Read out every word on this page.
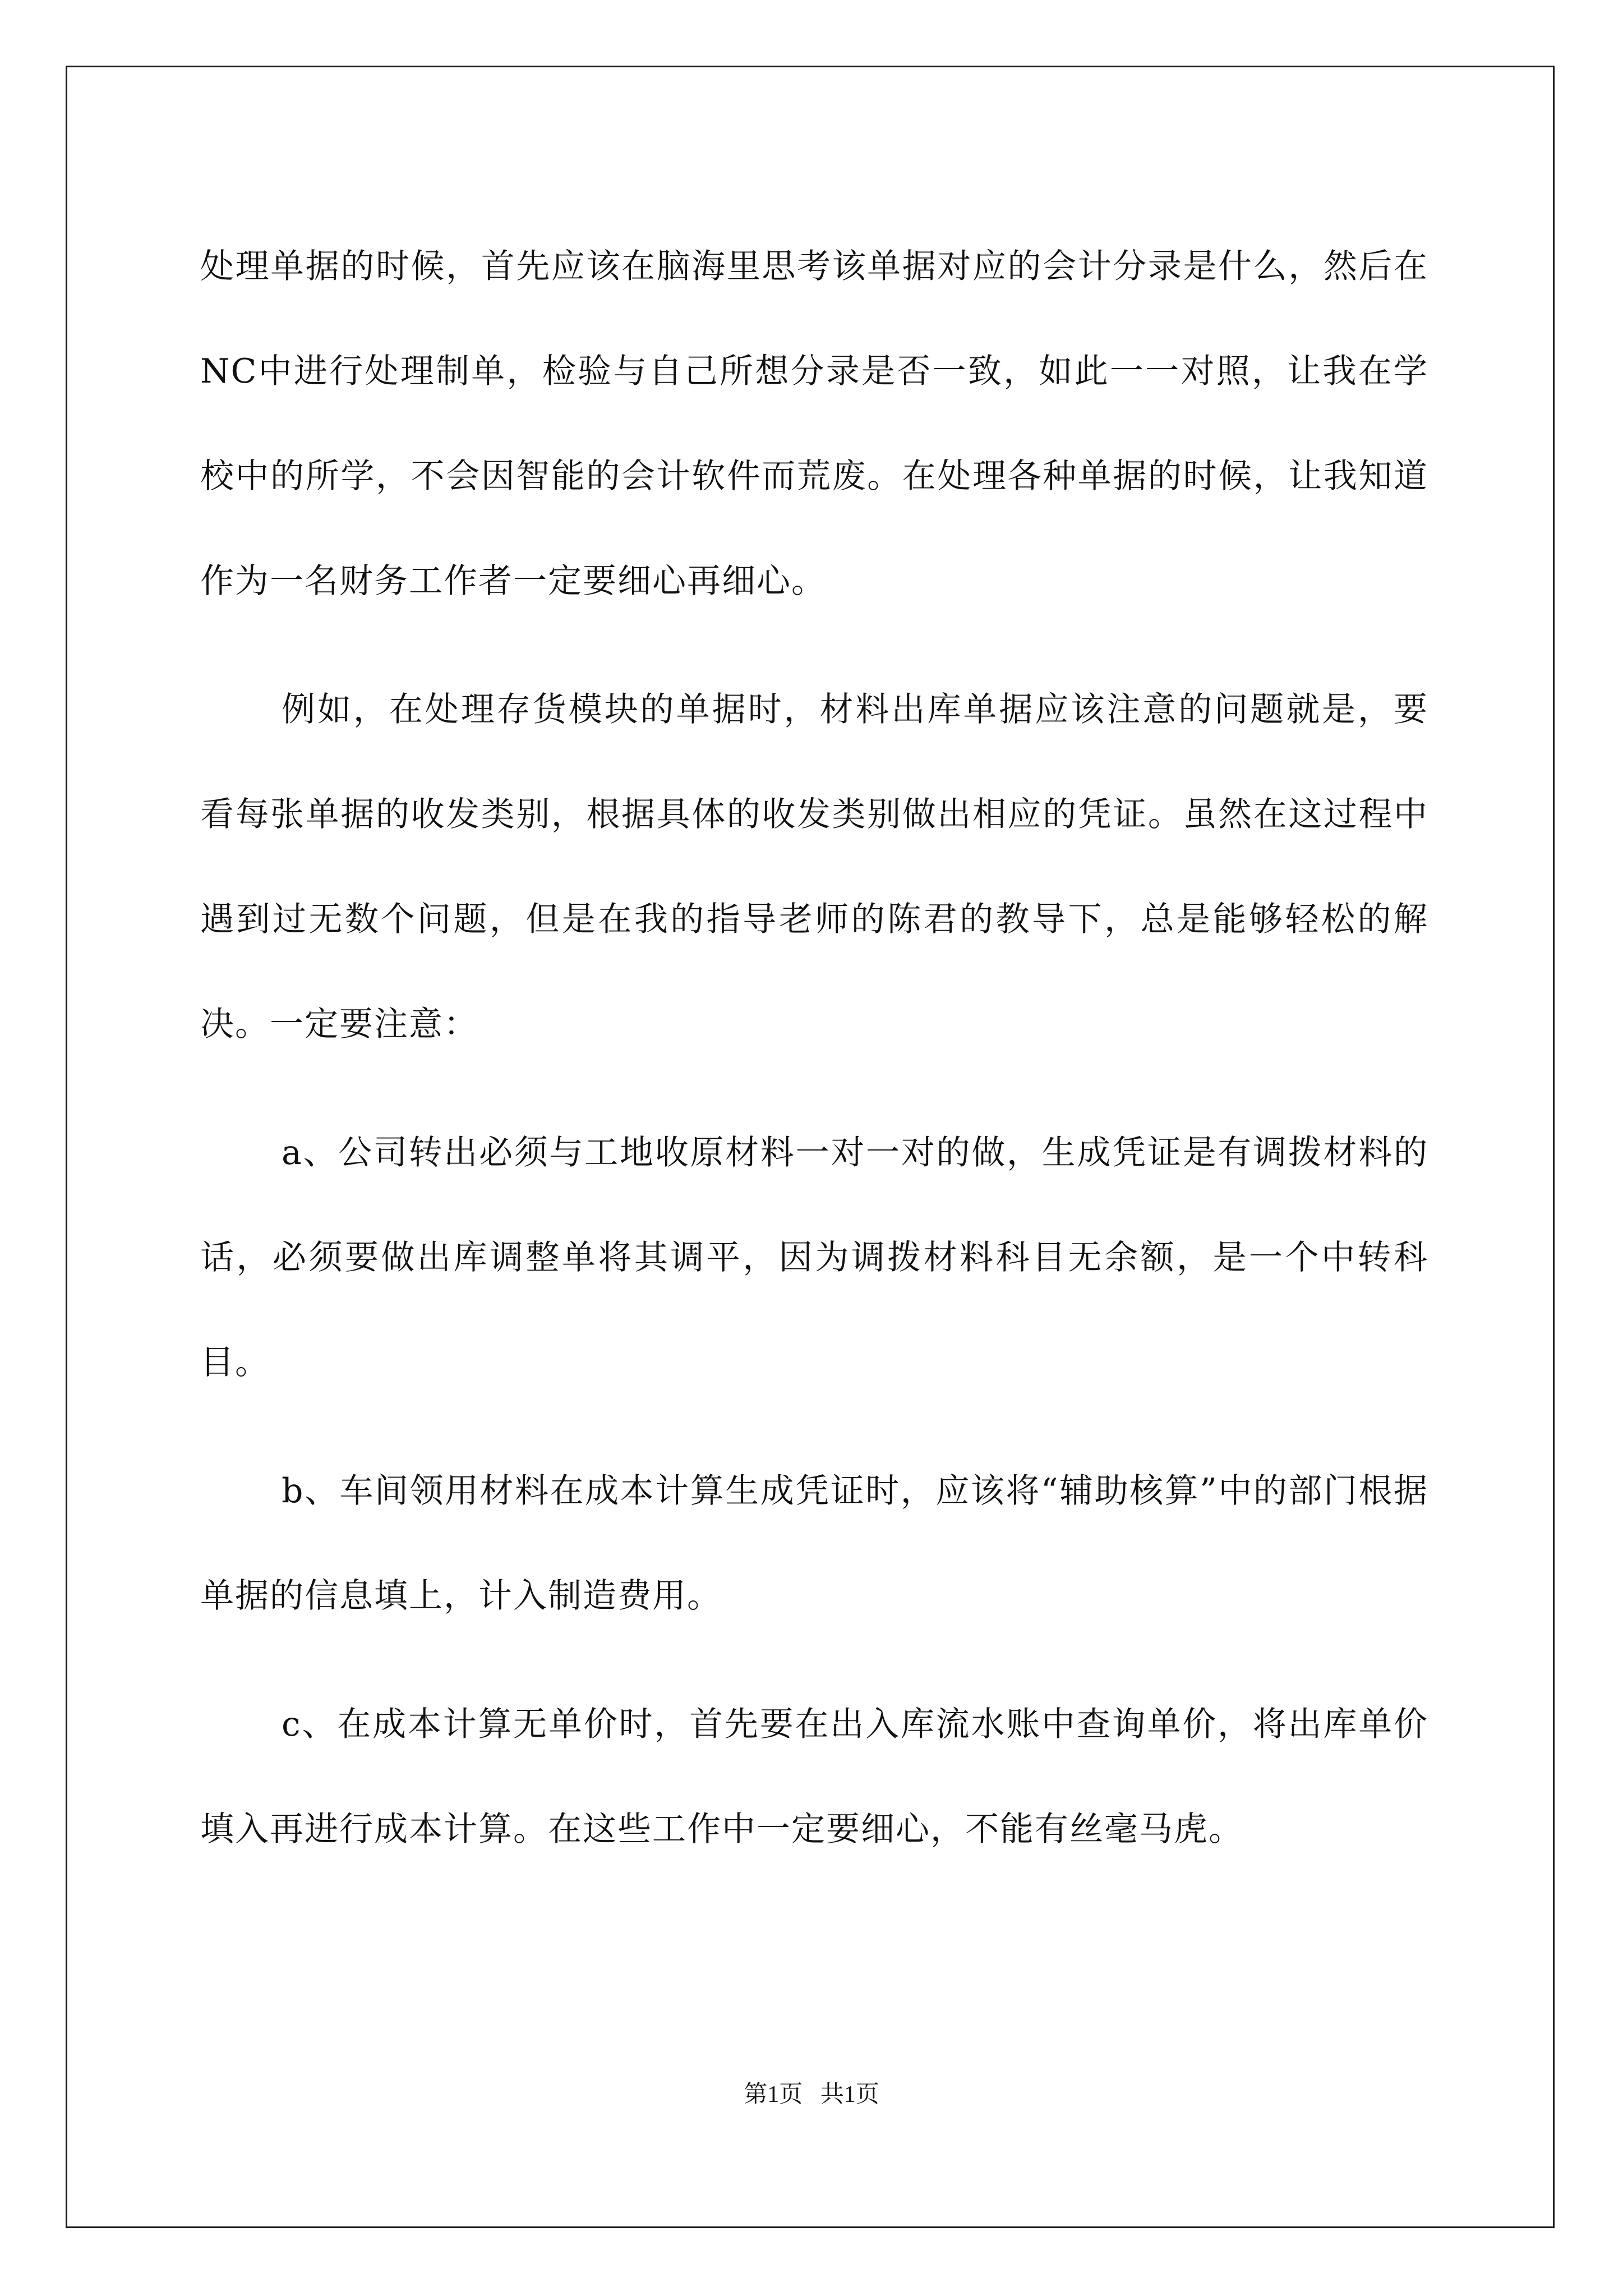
处理单据的时候，首先应该在脑海里思考该单据对应的会计分录是什么，然后在NC中进行处理制单，检验与自己所想分录是否一致，如此一一对照，让我在学校中的所学，不会因智能的会计软件而荒废。在处理各种单据的时候，让我知道作为一名财务工作者一定要细心再细心。

例如，在处理存货模块的单据时，材料出库单据应该注意的问题就是，要看每张单据的收发类别，根据具体的收发类别做出相应的凭证。虽然在这过程中遇到过无数个问题，但是在我的指导老师的陈君的教导下，总是能够轻松的解决。一定要注意：

a、公司转出必须与工地收原材料一对一对的做，生成凭证是有调拨材料的话，必须要做出库调整单将其调平，因为调拨材料科目无余额，是一个中转科目。

b、车间领用材料在成本计算生成凭证时，应该将“辅助核算”中的部门根据单据的信息填上，计入制造费用。

c、在成本计算无单价时，首先要在出入库流水账中查询单价，将出库单价填入再进行成本计算。在这些工作中一定要细心，不能有丝毫马虎。

第1页 共1页
